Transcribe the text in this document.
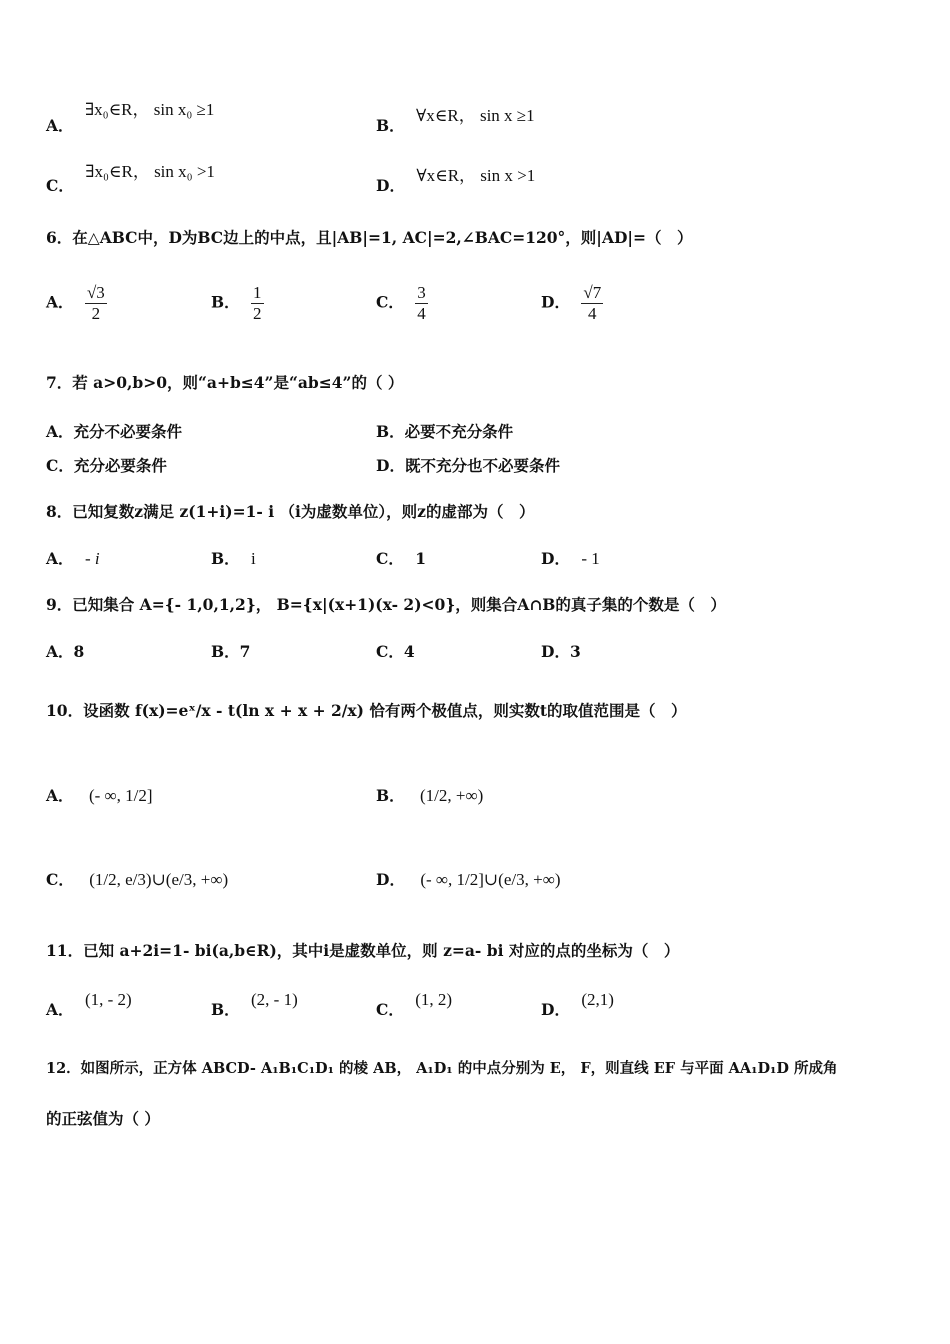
A． ∃x₀∈R， sin x₀ ≥1
B． ∀x∈R， sin x ≥1
C． ∃x₀∈R， sin x₀ >1
D． ∀x∈R， sin x >1
6．在△ABC中，D为BC边上的中点，且|AB|=1, AC|=2,∠BAC=120°，则|AD|=（　）
A． $\frac{√3}{2}$	B． $\frac{1}{2}$	C． $\frac{3}{4}$	D． $\frac{√7}{4}$
7．若 a>0,b>0，则“a+b≤4”是“ab≤4”的（ ）
A．充分不必要条件	B．必要不充分条件
C．充分必要条件	D．既不充分也不必要条件
8．已知复数z满足 z(1+i)=1- i （i为虚数单位），则z的虚部为（　）
A． - i	B． i	C． 1	D． - 1
9．已知集合 A={- 1,0,1,2}， B={x|(x+1)(x- 2)<0}，则集合A∩B的真子集的个数是（　）
A．8	B．7	C．4	D．3
10．设函数 f(x)=eˣ/x - t(ln x + x + 2/x) 恰有两个极值点，则实数t的取值范围是（　）
A． (- ∞, 1/2]	B． (1/2, +∞)
C． (1/2, e/3)∪(e/3, +∞)	D． (- ∞, 1/2]∪(e/3, +∞)
11．已知 a+2i=1- bi(a,b∈R)，其中i是虚数单位，则 z=a- bi 对应的点的坐标为（　）
A． (1, - 2)
B． (2, - 1)
C． (1, 2)
D． (2,1)
12．如图所示，正方体 ABCD- A₁B₁C₁D₁ 的棱 AB， A₁D₁ 的中点分别为 E， F，则直线 EF 与平面 AA₁D₁D 所成角
的正弦值为（ ）
